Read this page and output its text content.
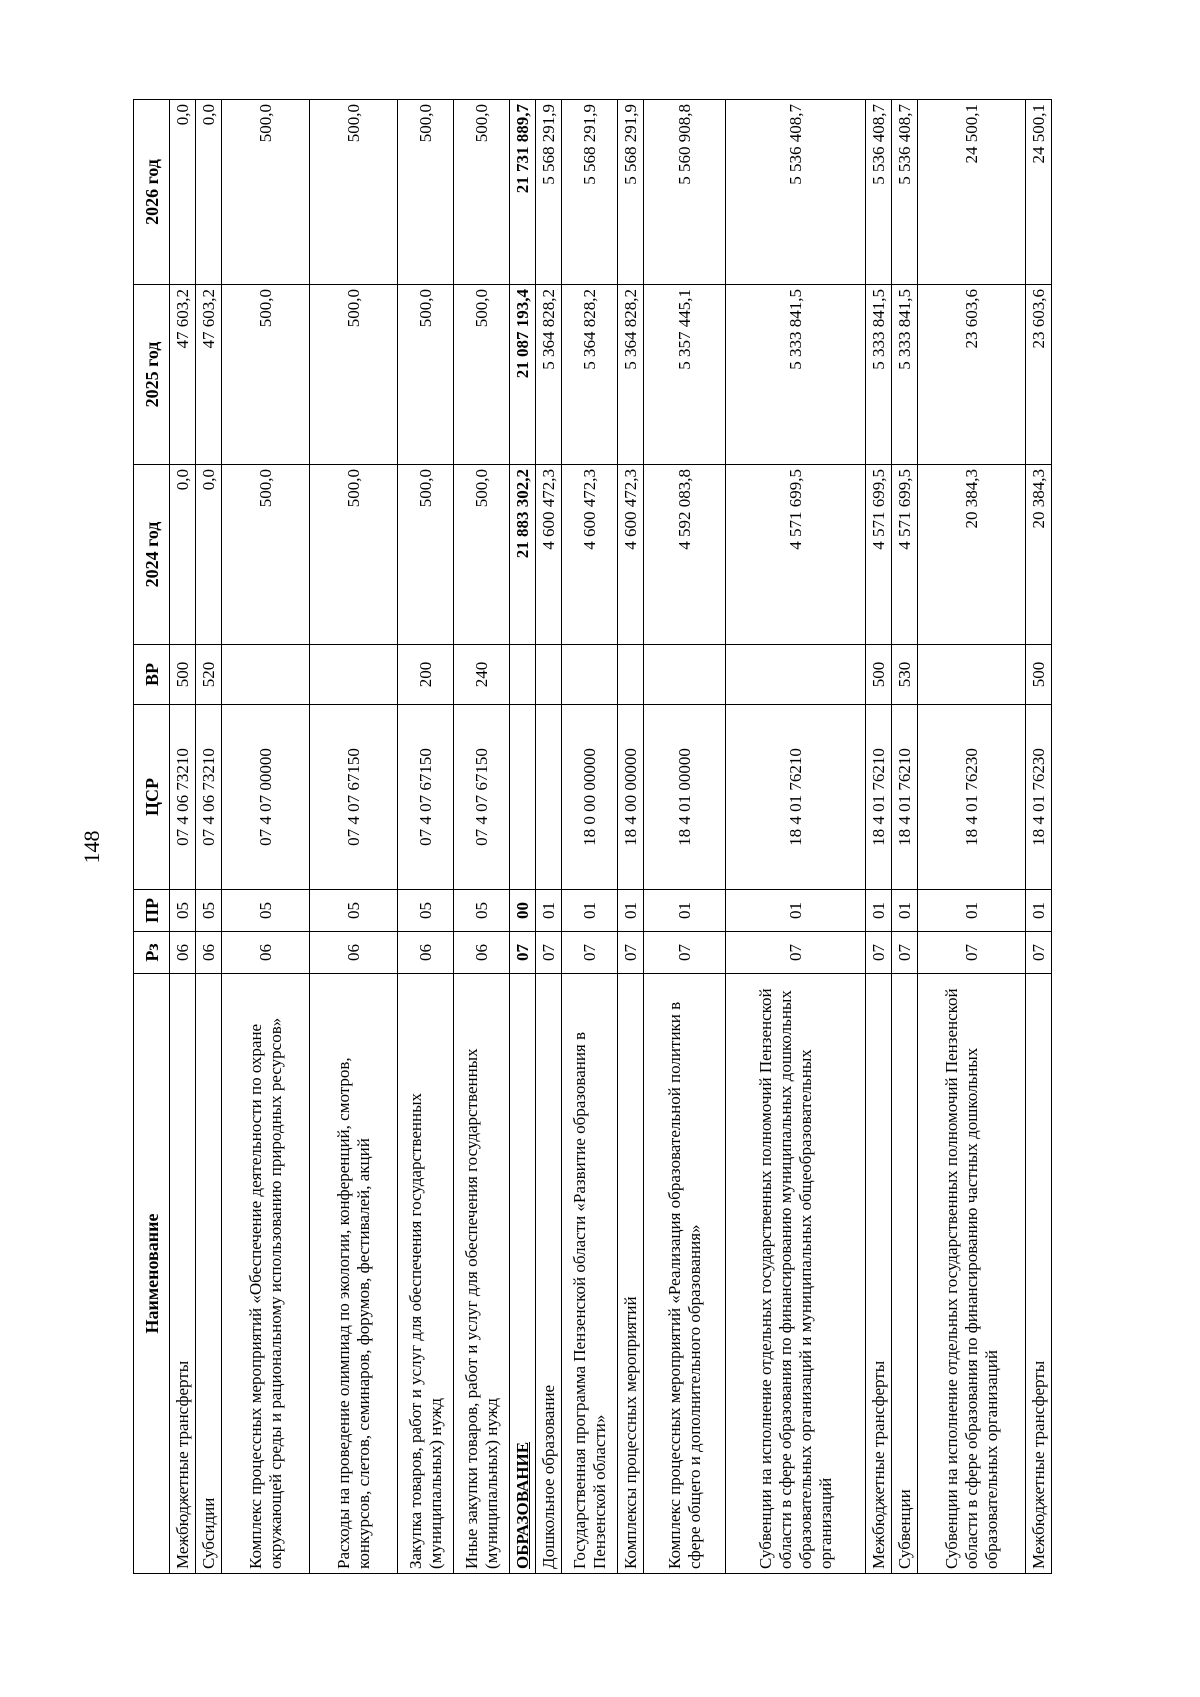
148
Наименование	Рз	ПР	ЦСР	ВР	2024 год	2025 год	2026 год
Межбюджетные трансферты	06	05	07 4 06 73210	500	0,0	47 603,2	0,0
Субсидии	06	05	07 4 06 73210	520	0,0	47 603,2	0,0
Комплекс процессных мероприятий «Обеспечение деятельности по охране окружающей среды и рациональному использованию природных ресурсов»	06	05	07 4 07 00000		500,0	500,0	500,0
Расходы на проведение олимпиад по экологии, конференций, смотров, конкурсов, слетов, семинаров, форумов, фестивалей, акций	06	05	07 4 07 67150		500,0	500,0	500,0
Закупка товаров, работ и услуг для обеспечения государственных (муниципальных) нужд	06	05	07 4 07 67150	200	500,0	500,0	500,0
Иные закупки товаров, работ и услуг для обеспечения государственных (муниципальных) нужд	06	05	07 4 07 67150	240	500,0	500,0	500,0
ОБРАЗОВАНИЕ	07	00			21 883 302,2	21 087 193,4	21 731 889,7
Дошкольное образование	07	01			4 600 472,3	5 364 828,2	5 568 291,9
Государственная программа Пензенской области «Развитие образования в Пензенской области»	07	01	18 0 00 00000		4 600 472,3	5 364 828,2	5 568 291,9
Комплексы процессных мероприятий	07	01	18 4 00 00000		4 600 472,3	5 364 828,2	5 568 291,9
Комплекс процессных мероприятий «Реализация образовательной политики в сфере общего и дополнительного образования»	07	01	18 4 01 00000		4 592 083,8	5 357 445,1	5 560 908,8
Субвенции на исполнение отдельных государственных полномочий Пензенской области в сфере образования по финансированию муниципальных дошкольных образовательных организаций и муниципальных общеобразовательных организаций	07	01	18 4 01 76210		4 571 699,5	5 333 841,5	5 536 408,7
Межбюджетные трансферты	07	01	18 4 01 76210	500	4 571 699,5	5 333 841,5	5 536 408,7
Субвенции	07	01	18 4 01 76210	530	4 571 699,5	5 333 841,5	5 536 408,7
Субвенции на исполнение отдельных государственных полномочий Пензенской области в сфере образования по финансированию частных дошкольных образовательных организаций	07	01	18 4 01 76230		20 384,3	23 603,6	24 500,1
Межбюджетные трансферты	07	01	18 4 01 76230	500	20 384,3	23 603,6	24 500,1
